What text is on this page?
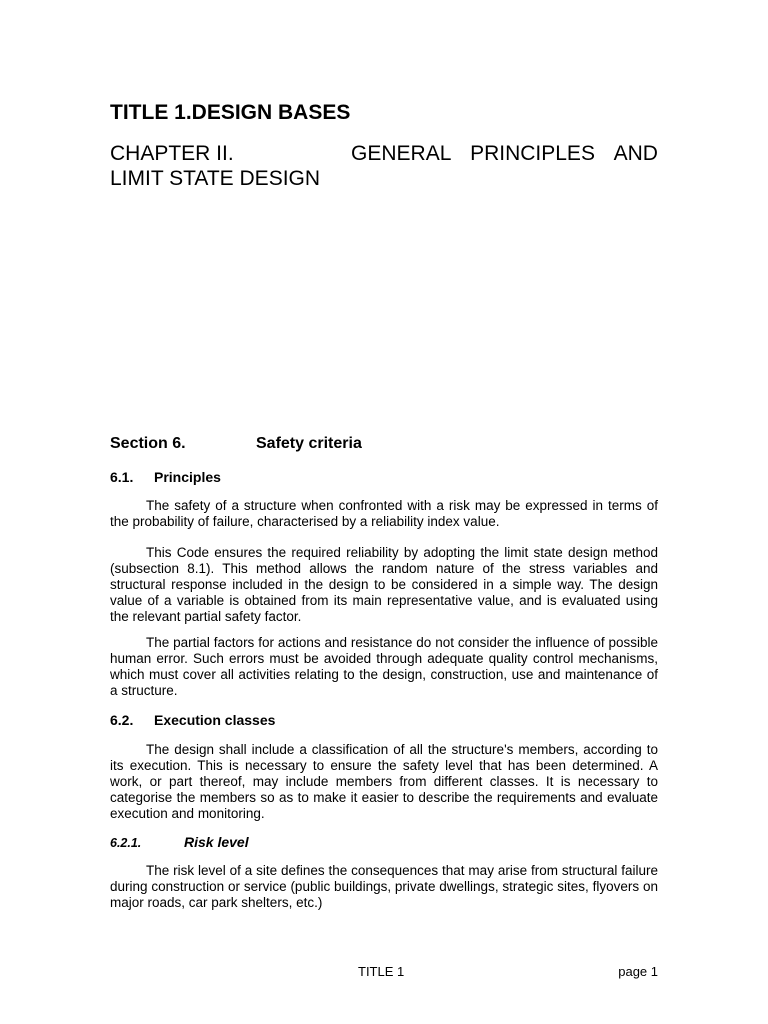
TITLE 1.DESIGN BASES
CHAPTER II.	GENERAL PRINCIPLES AND
LIMIT STATE DESIGN
Section 6.	Safety criteria
6.1. Principles

The safety of a structure when confronted with a risk may be expressed in terms of the probability of failure, characterised by a reliability index value.

This Code ensures the required reliability by adopting the limit state design method (subsection 8.1). This method allows the random nature of the stress variables and structural response included in the design to be considered in a simple way. The design value of a variable is obtained from its main representative value, and is evaluated using the relevant partial safety factor.

The partial factors for actions and resistance do not consider the influence of possible human error. Such errors must be avoided through adequate quality control mechanisms, which must cover all activities relating to the design, construction, use and maintenance of a structure.

6.2. Execution classes

The design shall include a classification of all the structure's members, according to its execution. This is necessary to ensure the safety level that has been determined. A work, or part thereof, may include members from different classes. It is necessary to categorise the members so as to make it easier to describe the requirements and evaluate execution and monitoring.

6.2.1.	Risk level

The risk level of a site defines the consequences that may arise from structural failure during construction or service (public buildings, private dwellings, strategic sites, flyovers on major roads, car park shelters, etc.)

TITLE 1	page 1
